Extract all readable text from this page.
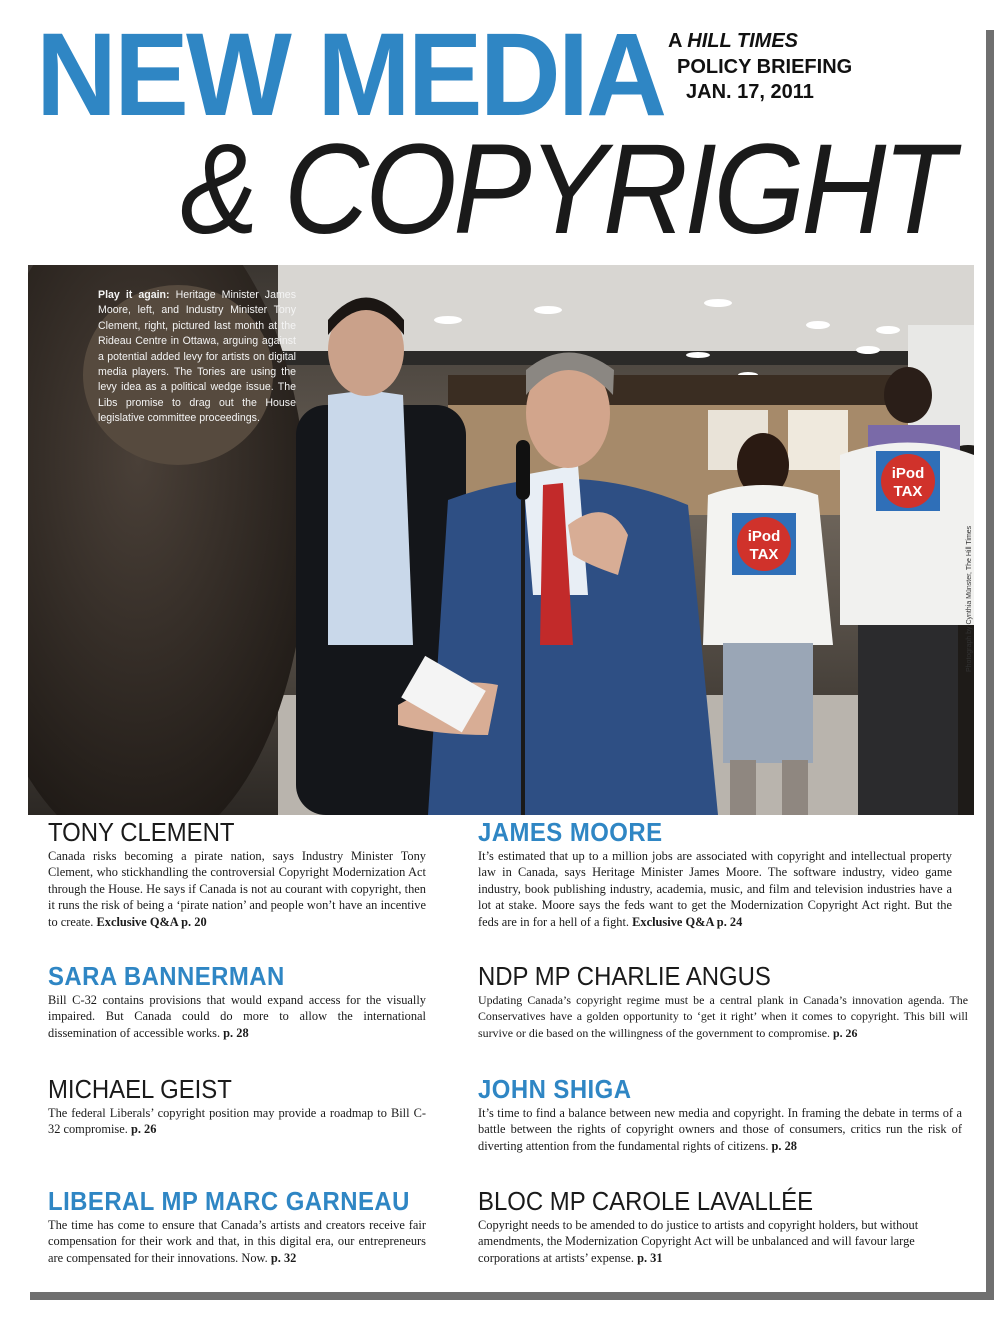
NEW MEDIA
& COPYRIGHT
A HILL TIMES
POLICY BRIEFING
JAN. 17, 2011
iPod
TAX
iPod
TAX
Play it again: Heritage Minister James Moore, left, and Industry Minister Tony Clement, right, pictured last month at the Rideau Centre in Ottawa, arguing against a potential added levy for artists on digital media players. The Tories are using the levy idea as a political wedge issue. The Libs promise to drag out the House legislative committee proceedings.
Photograph by Cynthia Münster, The Hill Times
TONY CLEMENT

Canada risks becoming a pirate nation, says Industry Minister Tony Clement, who stickhandling the controversial Copyright Modernization Act through the House. He says if Canada is not au courant with copyright, then it runs the risk of being a ‘pirate nation’ and people won’t have an incentive to create. Exclusive Q&A p. 20

JAMES MOORE

It’s estimated that up to a million jobs are associated with copyright and intellectual property law in Canada, says Heritage Minister James Moore. The software industry, video game industry, book publishing industry, academia, music, and film and television industries have a lot at stake. Moore says the feds want to get the Modernization Copyright Act right. But the feds are in for a hell of a fight. Exclusive Q&A p. 24

SARA BANNERMAN

Bill C-32 contains provisions that would expand access for the visually impaired. But Canada could do more to allow the international dissemination of accessible works. p. 28

NDP MP CHARLIE ANGUS

Updating Canada’s copyright regime must be a central plank in Canada’s innovation agenda. The Conservatives have a golden opportunity to ‘get it right’ when it comes to copyright. This bill will survive or die based on the willingness of the government to compromise. p. 26

MICHAEL GEIST

The federal Liberals’ copyright position may provide a roadmap to Bill C-32 compromise. p. 26

JOHN SHIGA

It’s time to find a balance between new media and copyright. In framing the debate in terms of a battle between the rights of copyright owners and those of consumers, critics run the risk of diverting attention from the fundamental rights of citizens. p. 28

LIBERAL MP MARC GARNEAU

The time has come to ensure that Canada’s artists and creators receive fair compensation for their work and that, in this digital era, our entrepreneurs are compensated for their innovations. Now. p. 32

BLOC MP CAROLE LAVALLÉE

Copyright needs to be amended to do justice to artists and copyright holders, but without amendments, the Modernization Copyright Act will be unbalanced and will favour large corporations at artists’ expense. p. 31
